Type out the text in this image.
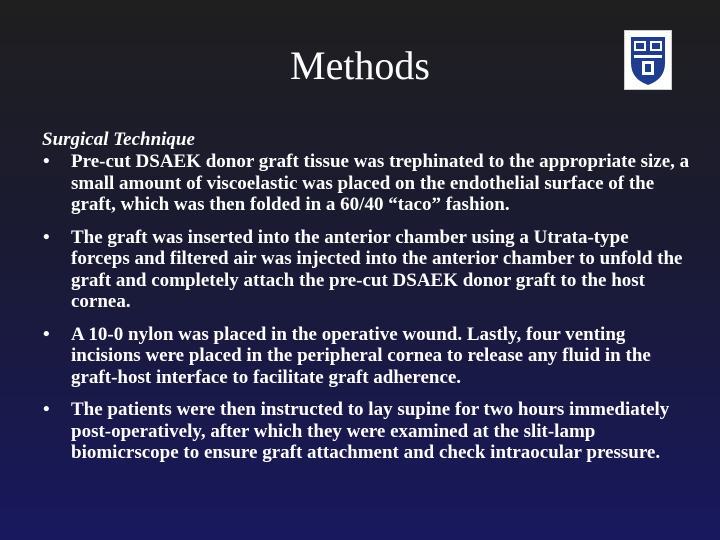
Methods

Surgical Technique

• Pre-cut DSAEK donor graft tissue was trephinated to the appropriate size, a small amount of viscoelastic was placed on the endothelial surface of the graft, which was then folded in a 60/40 “taco” fashion.
• The graft was inserted into the anterior chamber using a Utrata-type forceps and filtered air was injected into the anterior chamber to unfold the graft and completely attach the pre-cut DSAEK donor graft to the host cornea.
• A 10-0 nylon was placed in the operative wound. Lastly, four venting incisions were placed in the peripheral cornea to release any fluid in the graft-host interface to facilitate graft adherence.
• The patients were then instructed to lay supine for two hours immediately post-operatively, after which they were examined at the slit-lamp biomicrscope to ensure graft attachment and check intraocular pressure.
